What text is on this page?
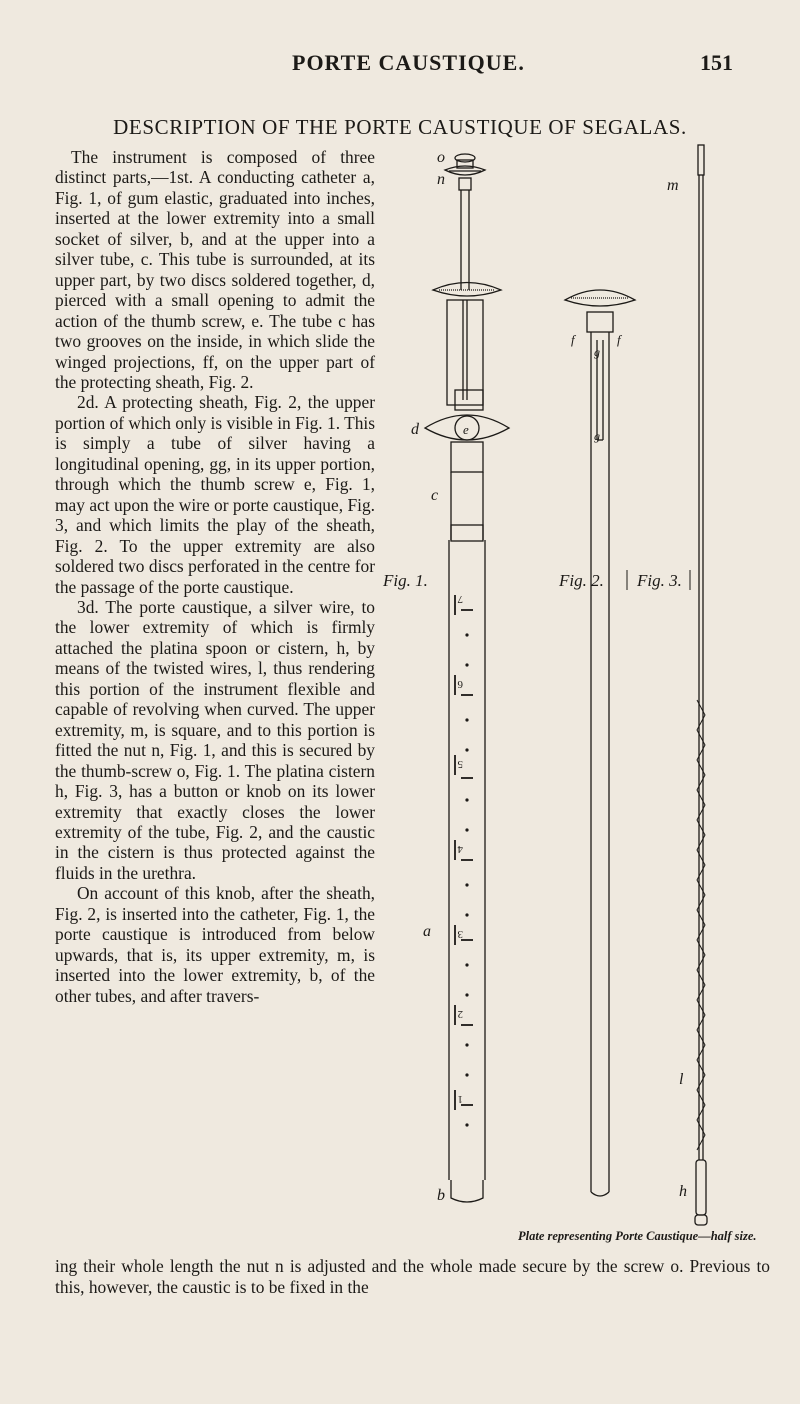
PORTE CAUSTIQUE.	151
DESCRIPTION OF THE PORTE CAUSTIQUE OF SEGALAS.

The instrument is composed of three distinct parts,—1st. A conducting catheter a, Fig. 1, of gum elastic, graduated into inches, inserted at the lower extremity into a small socket of silver, b, and at the upper into a silver tube, c. This tube is surrounded, at its upper part, by two discs soldered together, d, pierced with a small opening to admit the action of the thumb screw, e. The tube c has two grooves on the inside, in which slide the winged projections, ff, on the upper part of the protecting sheath, Fig. 2.

2d. A protecting sheath, Fig. 2, the upper portion of which only is visible in Fig. 1. This is simply a tube of silver having a longitudinal opening, gg, in its upper portion, through which the thumb screw e, Fig. 1, may act upon the wire or porte caustique, Fig. 3, and which limits the play of the sheath, Fig. 2. To the upper extremity are also soldered two discs perforated in the centre for the passage of the porte caustique.

3d. The porte caustique, a silver wire, to the lower extremity of which is firmly attached the platina spoon or cistern, h, by means of the twisted wires, l, thus rendering this portion of the instrument flexible and capable of revolving when curved. The upper extremity, m, is square, and to this portion is fitted the nut n, Fig. 1, and this is secured by the thumb-screw o, Fig. 1. The platina cistern h, Fig. 3, has a button or knob on its lower extremity that exactly closes the lower extremity of the tube, Fig. 2, and the caustic in the cistern is thus protected against the fluids in the urethra.

On account of this knob, after the sheath, Fig. 2, is inserted into the catheter, Fig. 1, the porte caustique is introduced from below upwards, that is, its upper extremity, m, is inserted into the lower extremity, b, of the other tubes, and after travers-

ing their whole length the nut n is adjusted and the whole made secure by the screw o. Previous to this, however, the caustic is to be fixed in the

o
n
d	e
c
a
b
f	f
g
g
m
l
h
Fig. 1.	Fig. 2. Fig. 3.
7
6
5
4
3
2
1
Plate representing Porte Caustique—half size.
